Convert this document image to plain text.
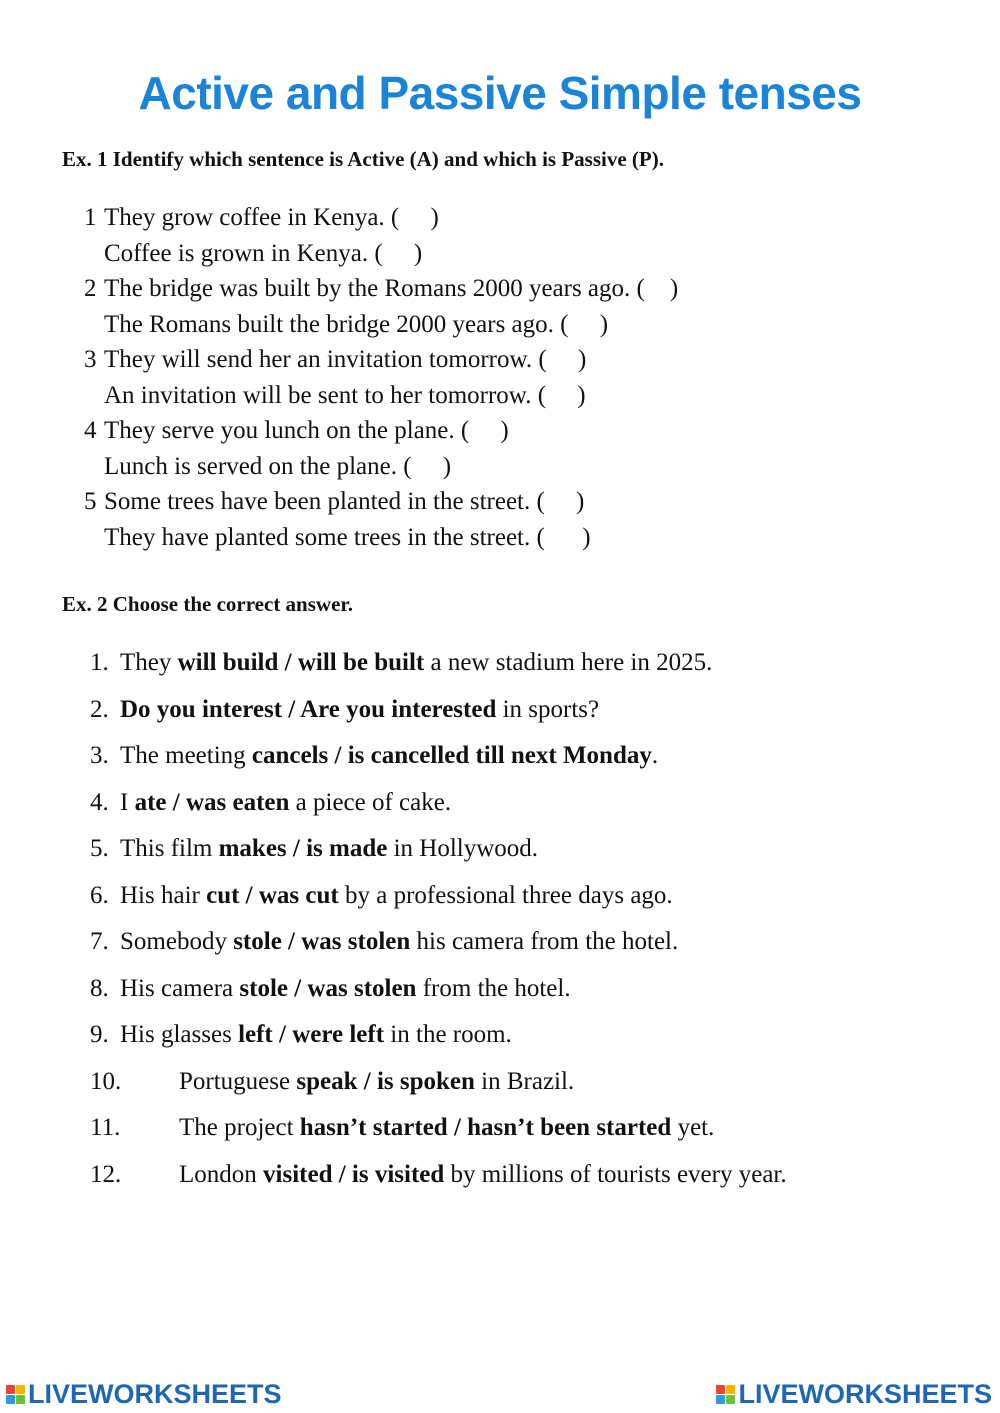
Active and Passive Simple tenses
Ex. 1 Identify which sentence is Active (A) and which is Passive (P).
1 They grow coffee in Kenya. (     )
Coffee is grown in Kenya. (     )
2 The bridge was built by the Romans 2000 years ago. (    )
The Romans built the bridge 2000 years ago. (     )
3 They will send her an invitation tomorrow. (     )
An invitation will be sent to her tomorrow. (     )
4 They serve you lunch on the plane. (     )
Lunch is served on the plane. (     )
5 Some trees have been planted in the street. (     )
They have planted some trees in the street. (      )
Ex. 2 Choose the correct answer.
1. They will build / will be built a new stadium here in 2025.
2. Do you interest / Are you interested in sports?
3. The meeting cancels / is cancelled till next Monday.
4. I ate / was eaten a piece of cake.
5. This film makes / is made in Hollywood.
6. His hair cut / was cut by a professional three days ago.
7. Somebody stole / was stolen his camera from the hotel.
8. His camera stole / was stolen from the hotel.
9. His glasses left / were left in the room.
10. Portuguese speak / is spoken in Brazil.
11. The project hasn’t started / hasn’t been started yet.
12. London visited / is visited by millions of tourists every year.
LIVEWORKSHEETS	LIVEWORKSHEETS
